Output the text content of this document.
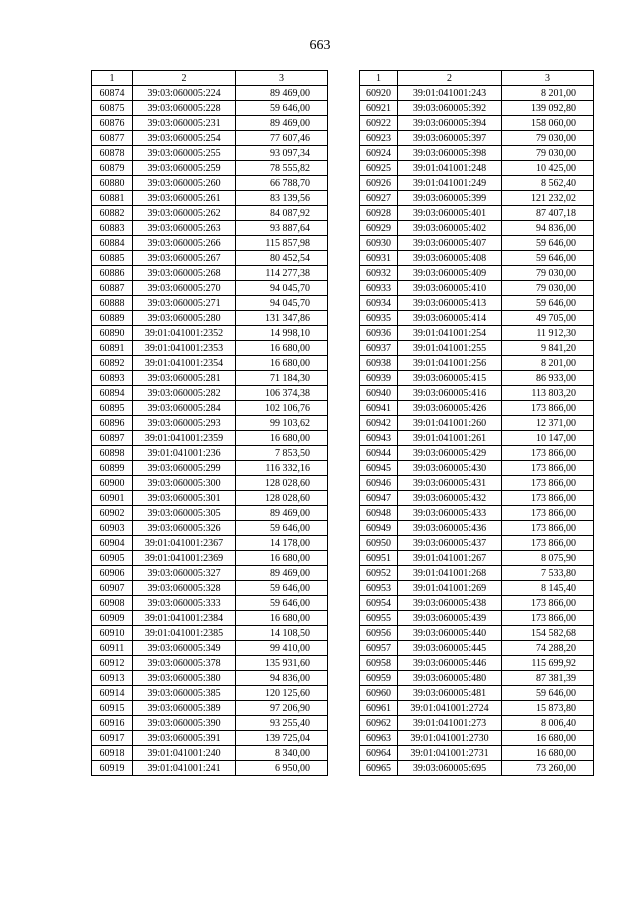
663
1	2	3
60874	39:03:060005:224	89 469,00
60875	39:03:060005:228	59 646,00
60876	39:03:060005:231	89 469,00
60877	39:03:060005:254	77 607,46
60878	39:03:060005:255	93 097,34
60879	39:03:060005:259	78 555,82
60880	39:03:060005:260	66 788,70
60881	39:03:060005:261	83 139,56
60882	39:03:060005:262	84 087,92
60883	39:03:060005:263	93 887,64
60884	39:03:060005:266	115 857,98
60885	39:03:060005:267	80 452,54
60886	39:03:060005:268	114 277,38
60887	39:03:060005:270	94 045,70
60888	39:03:060005:271	94 045,70
60889	39:03:060005:280	131 347,86
60890	39:01:041001:2352	14 998,10
60891	39:01:041001:2353	16 680,00
60892	39:01:041001:2354	16 680,00
60893	39:03:060005:281	71 184,30
60894	39:03:060005:282	106 374,38
60895	39:03:060005:284	102 106,76
60896	39:03:060005:293	99 103,62
60897	39:01:041001:2359	16 680,00
60898	39:01:041001:236	7 853,50
60899	39:03:060005:299	116 332,16
60900	39:03:060005:300	128 028,60
60901	39:03:060005:301	128 028,60
60902	39:03:060005:305	89 469,00
60903	39:03:060005:326	59 646,00
60904	39:01:041001:2367	14 178,00
60905	39:01:041001:2369	16 680,00
60906	39:03:060005:327	89 469,00
60907	39:03:060005:328	59 646,00
60908	39:03:060005:333	59 646,00
60909	39:01:041001:2384	16 680,00
60910	39:01:041001:2385	14 108,50
60911	39:03:060005:349	99 410,00
60912	39:03:060005:378	135 931,60
60913	39:03:060005:380	94 836,00
60914	39:03:060005:385	120 125,60
60915	39:03:060005:389	97 206,90
60916	39:03:060005:390	93 255,40
60917	39:03:060005:391	139 725,04
60918	39:01:041001:240	8 340,00
60919	39:01:041001:241	6 950,00
1	2	3
60920	39:01:041001:243	8 201,00
60921	39:03:060005:392	139 092,80
60922	39:03:060005:394	158 060,00
60923	39:03:060005:397	79 030,00
60924	39:03:060005:398	79 030,00
60925	39:01:041001:248	10 425,00
60926	39:01:041001:249	8 562,40
60927	39:03:060005:399	121 232,02
60928	39:03:060005:401	87 407,18
60929	39:03:060005:402	94 836,00
60930	39:03:060005:407	59 646,00
60931	39:03:060005:408	59 646,00
60932	39:03:060005:409	79 030,00
60933	39:03:060005:410	79 030,00
60934	39:03:060005:413	59 646,00
60935	39:03:060005:414	49 705,00
60936	39:01:041001:254	11 912,30
60937	39:01:041001:255	9 841,20
60938	39:01:041001:256	8 201,00
60939	39:03:060005:415	86 933,00
60940	39:03:060005:416	113 803,20
60941	39:03:060005:426	173 866,00
60942	39:01:041001:260	12 371,00
60943	39:01:041001:261	10 147,00
60944	39:03:060005:429	173 866,00
60945	39:03:060005:430	173 866,00
60946	39:03:060005:431	173 866,00
60947	39:03:060005:432	173 866,00
60948	39:03:060005:433	173 866,00
60949	39:03:060005:436	173 866,00
60950	39:03:060005:437	173 866,00
60951	39:01:041001:267	8 075,90
60952	39:01:041001:268	7 533,80
60953	39:01:041001:269	8 145,40
60954	39:03:060005:438	173 866,00
60955	39:03:060005:439	173 866,00
60956	39:03:060005:440	154 582,68
60957	39:03:060005:445	74 288,20
60958	39:03:060005:446	115 699,92
60959	39:03:060005:480	87 381,39
60960	39:03:060005:481	59 646,00
60961	39:01:041001:2724	15 873,80
60962	39:01:041001:273	8 006,40
60963	39:01:041001:2730	16 680,00
60964	39:01:041001:2731	16 680,00
60965	39:03:060005:695	73 260,00
